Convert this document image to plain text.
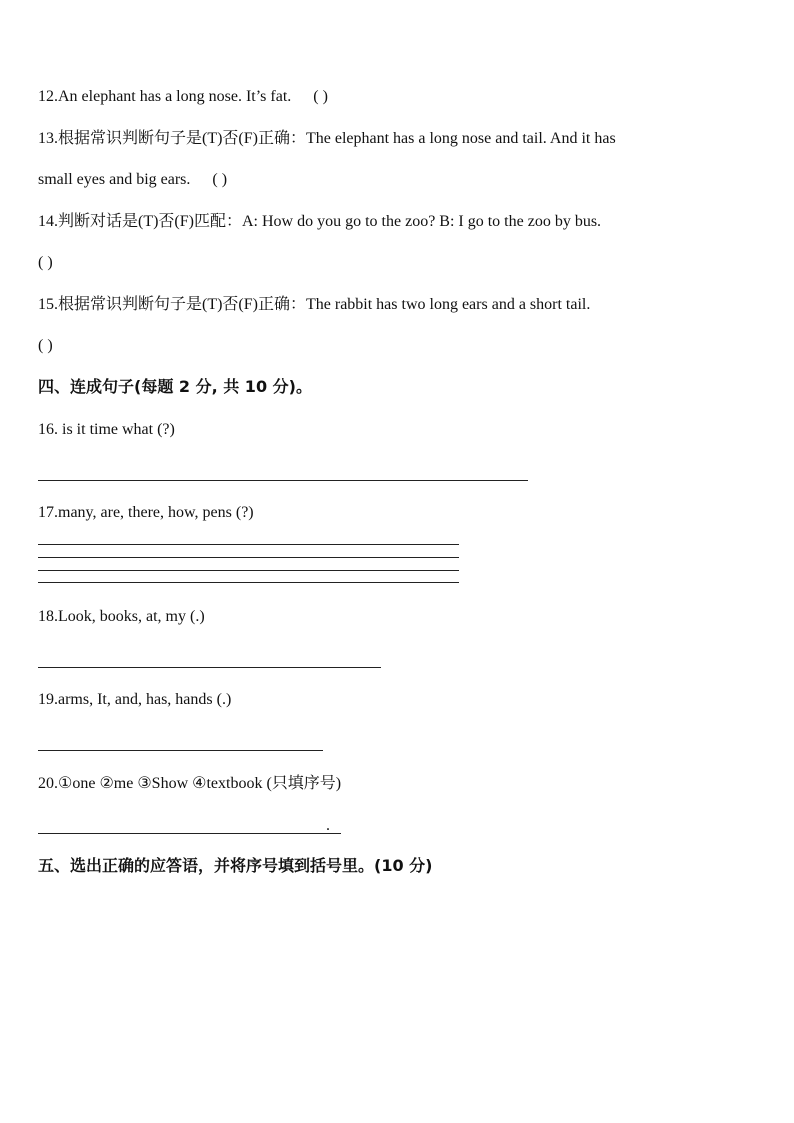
12.An elephant has a long nose. It’s fat. ( )
13.根据常识判断句子是(T)否(F)正确：The elephant has a long nose and tail. And it has
small eyes and big ears. ( )
14.判断对话是(T)否(F)匹配：A: How do you go to the zoo? B: I go to the zoo by bus.
( )
15.根据常识判断句子是(T)否(F)正确：The rabbit has two long ears and a short tail.
( )
四、连成句子(每题 2 分, 共 10 分)。
16. is it time what (?)
17.many, are, there, how, pens (?)
18.Look, books, at, my (.)
19.arms, It, and, has, hands (.)
20.①one ②me ③Show ④textbook (只填序号)
.
五、选出正确的应答语，并将序号填到括号里。(10 分)
